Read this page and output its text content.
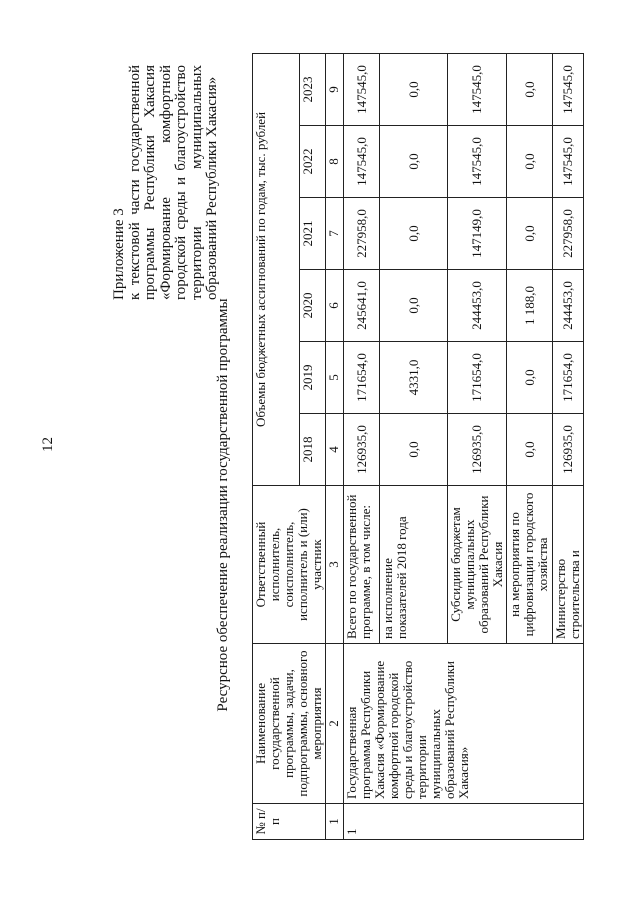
12
Приложение 3 к текстовой части государственной программы Республики Хакасия «Формирование комфортной городской среды и благоустройство территории муниципальных образований Республики Хакасия»
Ресурсное обеспечение реализации государственной программы
№ п/п	Наименование государственной программы, задачи, подпрограммы, основного мероприятия	Ответственный исполнитель, соисполнитель, исполнитель и (или) участник	Объемы бюджетных ассигнований по годам, тыс. рублей					
			2018	2019	2020	2021	2022	2023
1	2	3	4	5	6	7	8	9
1	Государственная программа Республики Хакасия «Формирование комфортной городской среды и благоустройство территории муниципальных образований Республики Хакасия»	Всего по государственной программе, в том числе:	126935,0	171654,0	245641,0	227958,0	147545,0	147545,0
		на исполнение показателей 2018 года	0,0	4331,0	0,0	0,0	0,0	0,0
		Субсидии бюджетам муниципальных образований Республики Хакасия	126935,0	171654,0	244453,0	147149,0	147545,0	147545,0
		на мероприятия по цифровизации городского хозяйства	0,0	0,0	1 188,0	0,0	0,0	0,0
		Министерство строительства и	126935,0	171654,0	244453,0	227958,0	147545,0	147545,0
